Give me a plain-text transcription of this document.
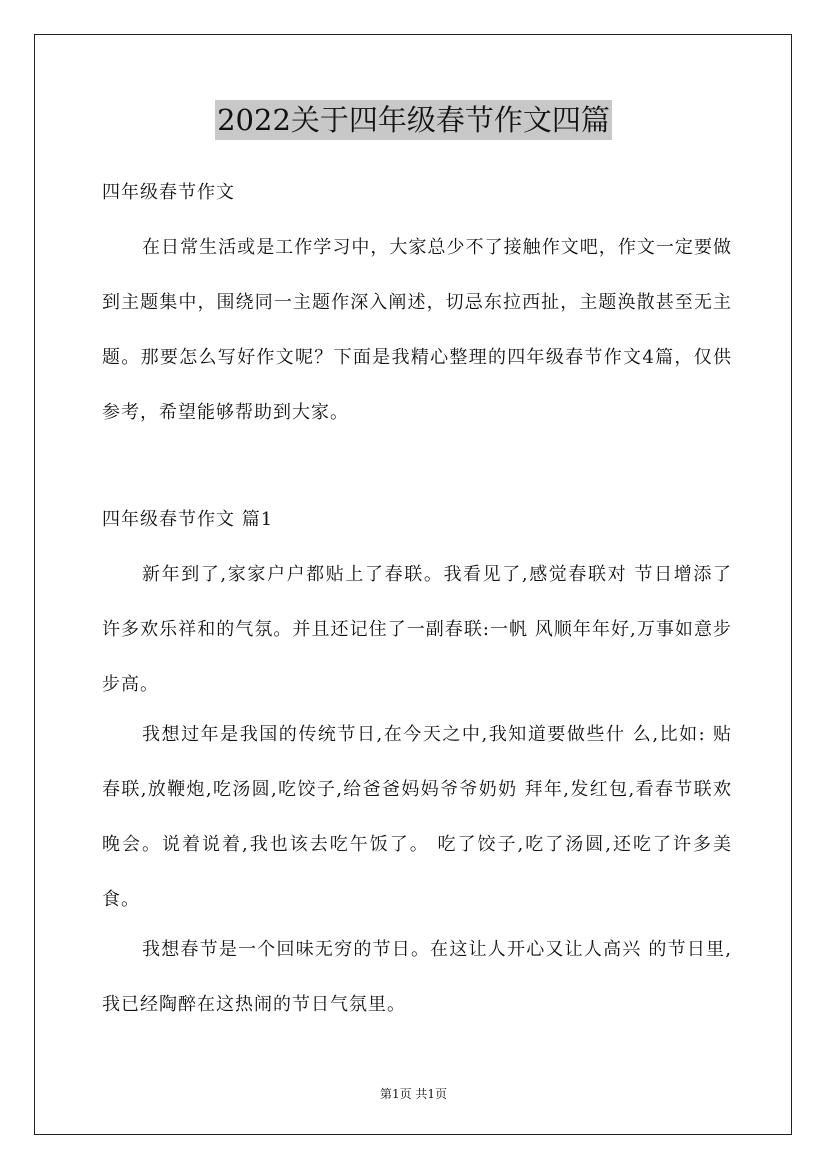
2022关于四年级春节作文四篇
四年级春节作文

在日常生活或是工作学习中，大家总少不了接触作文吧，作文一定要做到主题集中，围绕同一主题作深入阐述，切忌东拉西扯，主题涣散甚至无主题。那要怎么写好作文呢？下面是我精心整理的四年级春节作文4篇，仅供参考，希望能够帮助到大家。

四年级春节作文 篇1

新年到了,家家户户都贴上了春联。我看见了,感觉春联对 节日增添了许多欢乐祥和的气氛。并且还记住了一副春联:一帆 风顺年年好,万事如意步步高。

我想过年是我国的传统节日,在今天之中,我知道要做些什 么,比如: 贴春联,放鞭炮,吃汤圆,吃饺子,给爸爸妈妈爷爷奶奶 拜年,发红包,看春节联欢晚会。说着说着,我也该去吃午饭了。 吃了饺子,吃了汤圆,还吃了许多美食。

我想春节是一个回味无穷的节日。在这让人开心又让人高兴 的节日里,我已经陶醉在这热闹的节日气氛里。

第1页 共1页
